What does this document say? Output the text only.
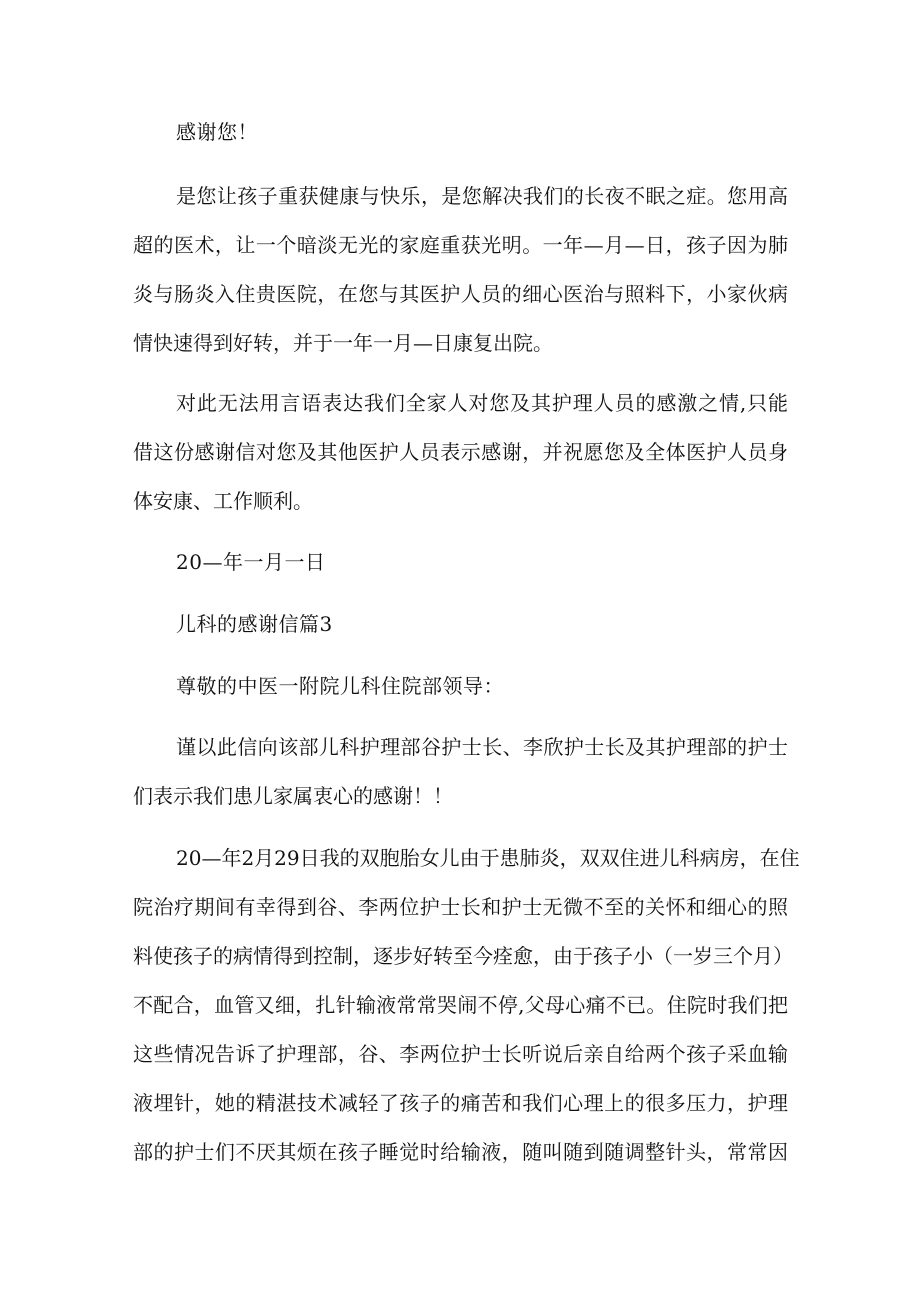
感谢您！
是您让孩子重获健康与快乐，是您解决我们的长夜不眠之症。您用高
超的医术，让一个暗淡无光的家庭重获光明。一年—月—日，孩子因为肺
炎与肠炎入住贵医院，在您与其医护人员的细心医治与照料下，小家伙病
情快速得到好转，并于一年一月—日康复出院。
对此无法用言语表达我们全家人对您及其护理人员的感激之情,只能
借这份感谢信对您及其他医护人员表示感谢，并祝愿您及全体医护人员身
体安康、工作顺利。
20—年一月一日
儿科的感谢信篇3
尊敬的中医一附院儿科住院部领导：
谨以此信向该部儿科护理部谷护士长、李欣护士长及其护理部的护士
们表示我们患儿家属衷心的感谢！！
20—年2月29日我的双胞胎女儿由于患肺炎，双双住进儿科病房，在住
院治疗期间有幸得到谷、李两位护士长和护士无微不至的关怀和细心的照
料使孩子的病情得到控制，逐步好转至今痊愈，由于孩子小（一岁三个月）
不配合，血管又细，扎针输液常常哭闹不停,父母心痛不已。住院时我们把
这些情况告诉了护理部，谷、李两位护士长听说后亲自给两个孩子采血输
液埋针，她的精湛技术减轻了孩子的痛苦和我们心理上的很多压力，护理
部的护士们不厌其烦在孩子睡觉时给输液，随叫随到随调整针头，常常因
